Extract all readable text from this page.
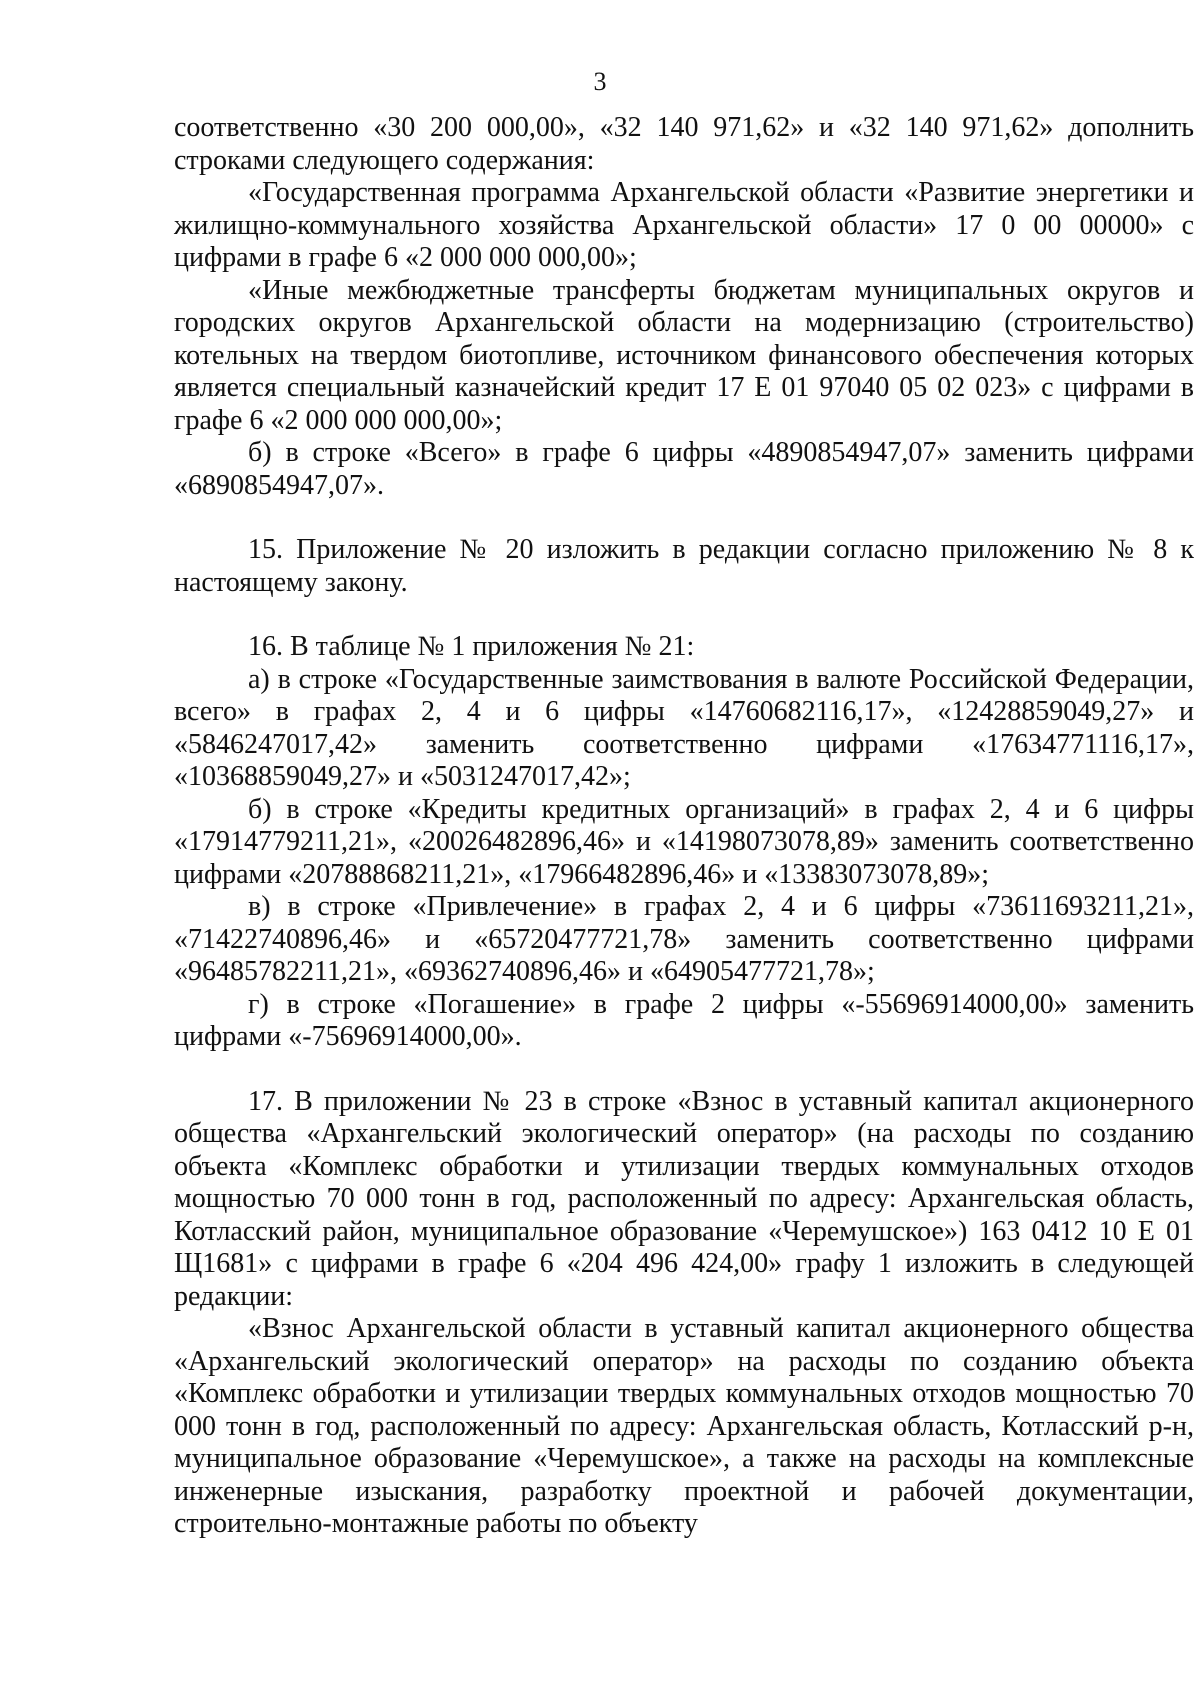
3

соответственно «30 200 000,00», «32 140 971,62» и «32 140 971,62» дополнить строками следующего содержания:

«Государственная программа Архангельской области «Развитие энергетики и жилищно-коммунального хозяйства Архангельской области» 17 0 00 00000» с цифрами в графе 6 «2 000 000 000,00»;

«Иные межбюджетные трансферты бюджетам муниципальных округов и городских округов Архангельской области на модернизацию (строительство) котельных на твердом биотопливе, источником финансового обеспечения которых является специальный казначейский кредит 17 Е 01 97040 05 02 023» с цифрами в графе 6 «2 000 000 000,00»;

б) в строке «Всего» в графе 6 цифры «4890854947,07» заменить цифрами «6890854947,07».

15. Приложение № 20 изложить в редакции согласно приложению № 8 к настоящему закону.

16. В таблице № 1 приложения № 21:

а) в строке «Государственные заимствования в валюте Российской Федерации, всего» в графах 2, 4 и 6 цифры «14760682116,17», «12428859049,27» и «5846247017,42» заменить соответственно цифрами «17634771116,17», «10368859049,27» и «5031247017,42»;

б) в строке «Кредиты кредитных организаций» в графах 2, 4 и 6 цифры «17914779211,21», «20026482896,46» и «14198073078,89» заменить соответственно цифрами «20788868211,21», «17966482896,46» и «13383073078,89»;

в) в строке «Привлечение» в графах 2, 4 и 6 цифры «73611693211,21», «71422740896,46» и «65720477721,78» заменить соответственно цифрами «96485782211,21», «69362740896,46» и «64905477721,78»;

г) в строке «Погашение» в графе 2 цифры «-55696914000,00» заменить цифрами «-75696914000,00».

17. В приложении № 23 в строке «Взнос в уставный капитал акционерного общества «Архангельский экологический оператор» (на расходы по созданию объекта «Комплекс обработки и утилизации твердых коммунальных отходов мощностью 70 000 тонн в год, расположенный по адресу: Архангельская область, Котласский район, муниципальное образование «Черемушское») 163 0412 10 Е 01 Щ1681» с цифрами в графе 6 «204 496 424,00» графу 1 изложить в следующей редакции:

«Взнос Архангельской области в уставный капитал акционерного общества «Архангельский экологический оператор» на расходы по созданию объекта «Комплекс обработки и утилизации твердых коммунальных отходов мощностью 70 000 тонн в год, расположенный по адресу: Архангельская область, Котласский р-н, муниципальное образование «Черемушское», а также на расходы на комплексные инженерные изыскания, разработку проектной и рабочей документации, строительно-монтажные работы по объекту
